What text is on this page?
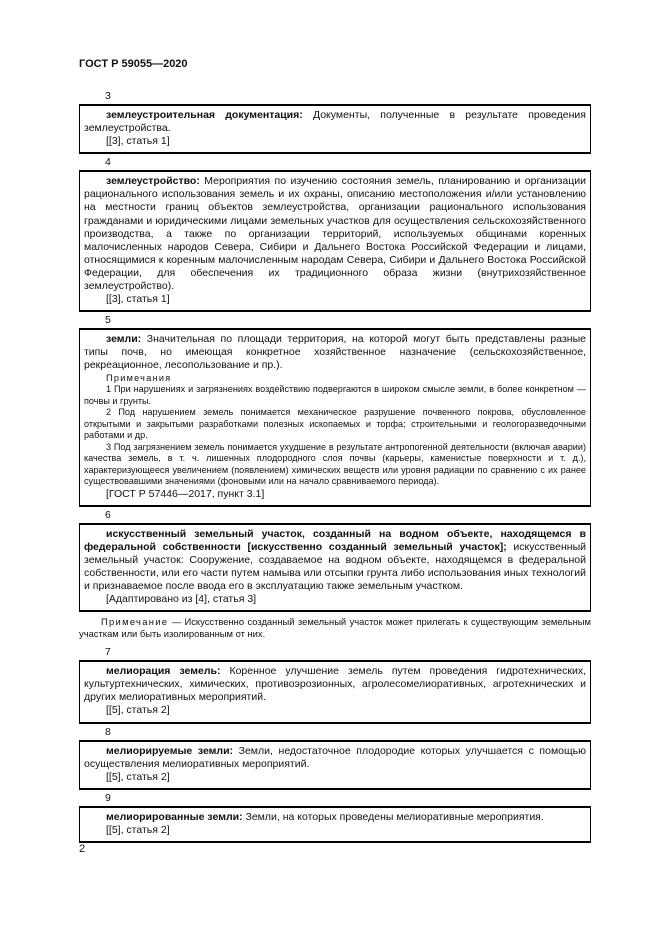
ГОСТ Р 59055—2020
3

землеустроительная документация: Документы, полученные в результате проведения землеустройства.

[[3], статья 1]
4

землеустройство: Мероприятия по изучению состояния земель, планированию и организации рационального использования земель и их охраны, описанию местоположения и/или установлению на местности границ объектов землеустройства, организации рационального использования гражданами и юридическими лицами земельных участков для осуществления сельскохозяйственного производства, а также по организации территорий, используемых общинами коренных малочисленных народов Севера, Сибири и Дальнего Востока Российской Федерации и лицами, относящимися к коренным малочисленным народам Севера, Сибири и Дальнего Востока Российской Федерации, для обеспечения их традиционного образа жизни (внутрихозяйственное землеустройство).

[[3], статья 1]
5

земли: Значительная по площади территория, на которой могут быть представлены разные типы почв, но имеющая конкретное хозяйственное назначение (сельскохозяйственное, рекреационное, лесопользование и пр.).

Примечания

1 При нарушениях и загрязнениях воздействию подвергаются в широком смысле земли, в более конкретном — почвы и грунты.

2 Под нарушением земель понимается механическое разрушение почвенного покрова, обусловленное открытыми и закрытыми разработками полезных ископаемых и торфа; строительными и геологоразведочными работами и др.

3 Под загрязнением земель понимается ухудшение в результате антропогенной деятельности (включая аварии) качества земель, в т. ч. лишенных плодородного слоя почвы (карьеры, каменистые поверхности и т. д.), характеризующееся увеличением (появлением) химических веществ или уровня радиации по сравнению с их ранее существовавшими значениями (фоновыми или на начало сравниваемого периода).

[ГОСТ Р 57446—2017, пункт 3.1]
6

искусственный земельный участок, созданный на водном объекте, находящемся в федеральной собственности [искусственно созданный земельный участок]; искусственный земельный участок: Сооружение, создаваемое на водном объекте, находящемся в федеральной собственности, или его части путем намыва или отсыпки грунта либо использования иных технологий и признаваемое после ввода его в эксплуатацию также земельным участком.

[Адаптировано из [4], статья 3]
Примечание — Искусственно созданный земельный участок может прилегать к существующим земельным участкам или быть изолированным от них.
7

мелиорация земель: Коренное улучшение земель путем проведения гидротехнических, культуртехнических, химических, противоэрозионных, агролесомелиоративных, агротехнических и других мелиоративных мероприятий.

[[5], статья 2]
8

мелиорируемые земли: Земли, недостаточное плодородие которых улучшается с помощью осуществления мелиоративных мероприятий.

[[5], статья 2]
9

мелиорированные земли: Земли, на которых проведены мелиоративные мероприятия.

[[5], статья 2]
2
